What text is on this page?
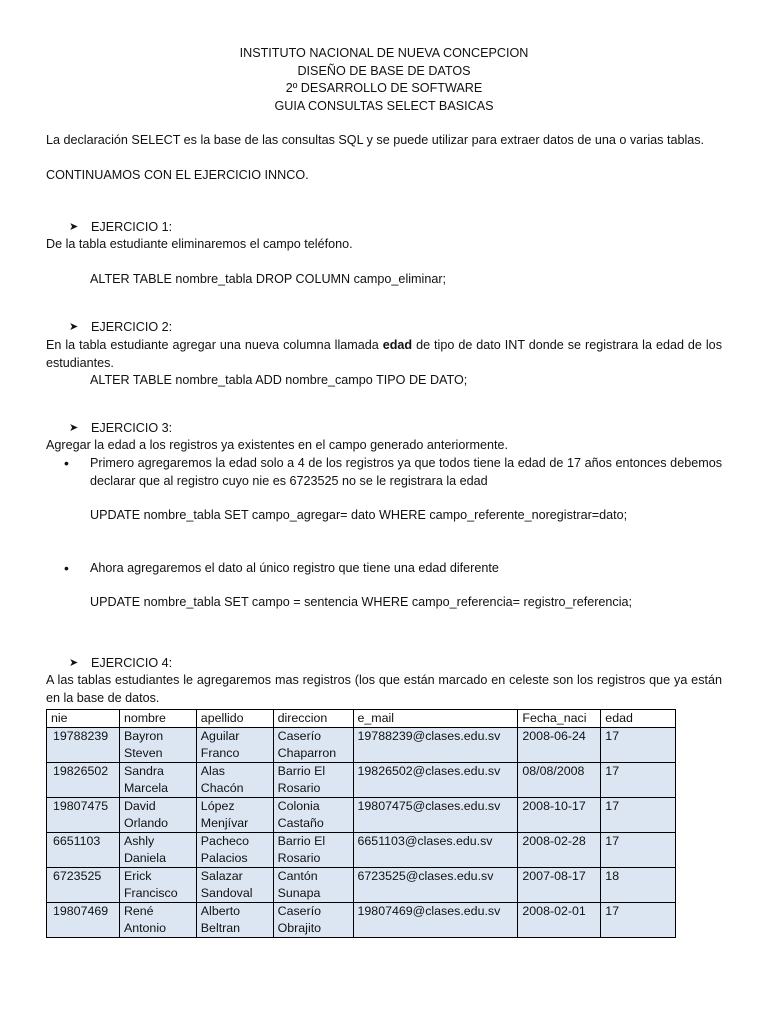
INSTITUTO NACIONAL DE NUEVA CONCEPCION
DISEÑO DE BASE DE DATOS
2º DESARROLLO DE SOFTWARE
GUIA CONSULTAS SELECT BASICAS

La declaración SELECT es la base de las consultas SQL y se puede utilizar para extraer datos de una o varias tablas.

CONTINUAMOS CON EL EJERCICIO INNCO.

➤	EJERCICIO 1:

De la tabla estudiante eliminaremos el campo teléfono.

ALTER TABLE nombre_tabla DROP COLUMN campo_eliminar;

➤	EJERCICIO 2:

En la tabla estudiante agregar una nueva columna llamada edad de tipo de dato INT donde se registrara la edad de los estudiantes.

ALTER TABLE nombre_tabla ADD nombre_campo TIPO DE DATO;

➤	EJERCICIO 3:

Agregar la edad a los registros ya existentes en el campo generado anteriormente.

•	Primero agregaremos la edad solo a 4 de los registros ya que todos tiene la edad de 17 años entonces debemos declarar que al registro cuyo nie es 6723525 no se le registrara la edad

UPDATE nombre_tabla SET campo_agregar= dato WHERE campo_referente_noregistrar=dato;

•	Ahora agregaremos el dato al único registro que tiene una edad diferente

UPDATE nombre_tabla SET campo = sentencia WHERE campo_referencia= registro_referencia;

➤	EJERCICIO 4:

A las tablas estudiantes le agregaremos mas registros (los que están marcado en celeste son los registros que ya están en la base de datos.

nie	nombre	apellido	direccion	e_mail	Fecha_naci	edad
19788239	Bayron Steven	Aguilar Franco	Caserío Chaparron	19788239@clases.edu.sv	2008-06-24	17
19826502	Sandra Marcela	Alas Chacón	Barrio El Rosario	19826502@clases.edu.sv	08/08/2008	17
19807475	David Orlando	López Menjívar	Colonia Castaño	19807475@clases.edu.sv	2008-10-17	17
6651103	Ashly Daniela	Pacheco Palacios	Barrio El Rosario	6651103@clases.edu.sv	2008-02-28	17
6723525	Erick Francisco	Salazar Sandoval	Cantón Sunapa	6723525@clases.edu.sv	2007-08-17	18
19807469	René Antonio	Alberto Beltran	Caserío Obrajito	19807469@clases.edu.sv	2008-02-01	17
